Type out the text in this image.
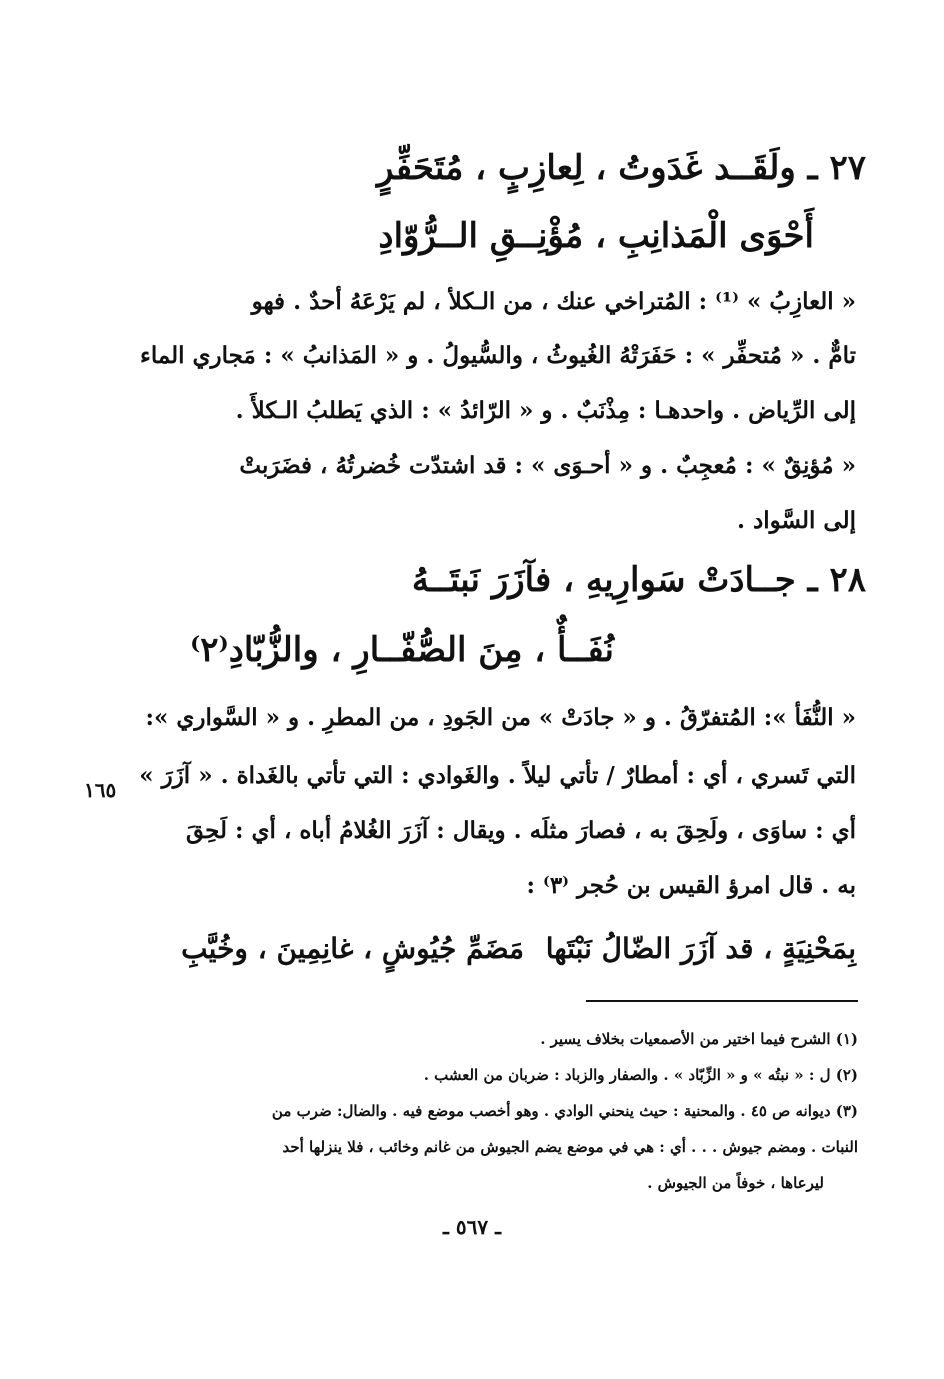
٢٧ ـ ولَقَــد غَدَوتُ ، لِعازِبٍ ، مُتَحَفِّرٍ
أَحْوَى الْمَذانِبِ ، مُؤْنِــقِ الــرُّوّادِ
« العازِبُ » ⁽¹⁾ : المُتراخي عنك ، من الـكلأ ، لم يَرْعَهُ أحدٌ . فهو
تامٌّ . « مُتحفِّر » : حَفَرَتْهُ الغُيوثُ ، والسُّيولُ . و « المَذانبُ » : مَجاري الماء
إلى الرِّياض . واحدهـا : مِذْنَبٌ . و « الرّائدُ » : الذي يَطلبُ الـكلأَ .
« مُؤنِقٌ » : مُعجِبٌ . و « أحـوَى » : قد اشتدّت خُضرتُهُ ، فضَرَبتْ
إلى السَّواد .
٢٨ ـ جــادَتْ سَوارِيهِ ، فآزَرَ نَبتَــهُ
نُفَــأٌ ، مِنَ الصُّفّــارِ ، والزُّبّادِ⁽٢⁾
« النُّفَأ »: المُتفرّقُ . و « جادَتْ » من الجَودِ ، من المطرِ . و « السَّواري »:
التي تَسري ، أي : أمطارٌ / تأتي ليلاً . والغَوادي : التي تأتي بالغَداة . « آزَرَ »
أي : ساوَى ، ولَحِقَ به ، فصارَ مثلَه . ويقال : آزَرَ الغُلامُ أباه ، أي : لَحِقَ
به . قال امرؤ القيس بن حُجر ⁽٣⁾ :
١٦٥
بِمَحْنِيَةٍ ، قد آزَرَ الضّالُ نَبْتَها
مَضَمِّ جُيُوشٍ ، غانِمِينَ ، وخُيَّبِ
(١) الشرح فيما اختير من الأصمعيات بخلاف يسير .
(٢) ل : « نبتُه » و « الزِّبّاد » . والصفار والزباد : ضربان من العشب .
(٣) ديوانه ص ٤٥ . والمحنية : حيث ينحني الوادي . وهو أخصب موضع فيه . والضال: ضرب من
النبات . ومضم جيوش . . . أي : هي في موضع يضم الجيوش من غانم وخائب ، فلا ينزلها أحد
ليرعاها ، خوفاً من الجيوش .
ـ ٥٦٧ ـ
